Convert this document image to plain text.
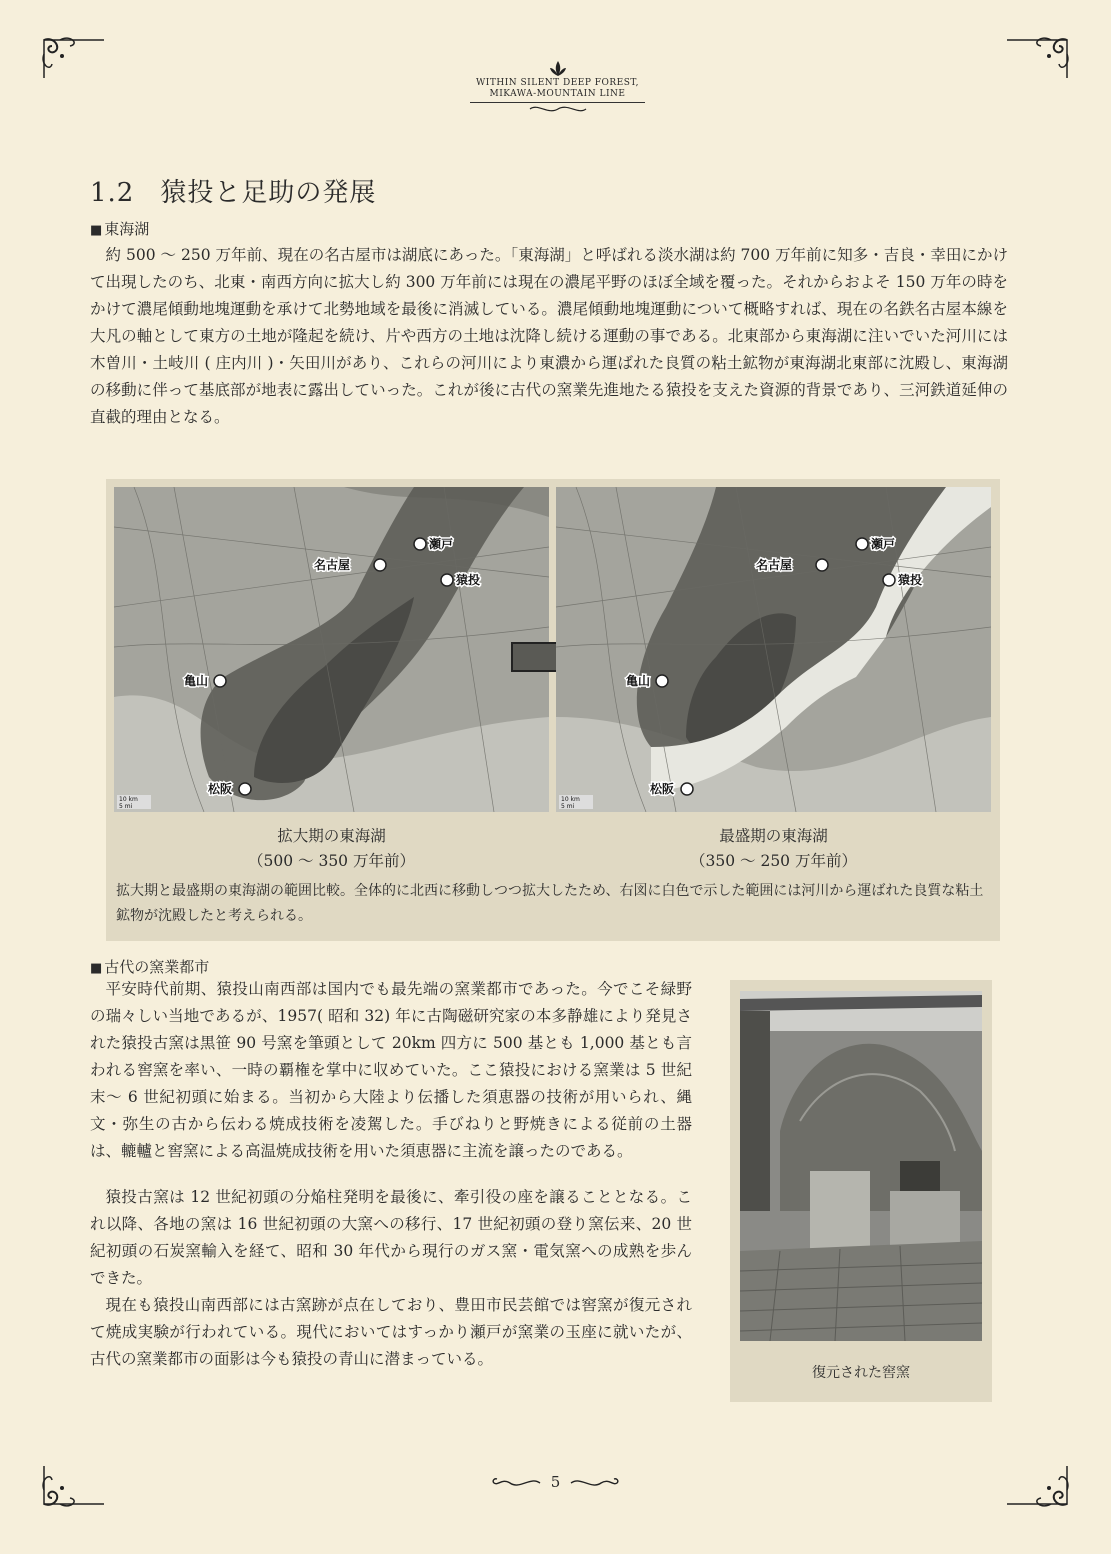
WITHIN SILENT DEEP FOREST,
MIKAWA-MOUNTAIN LINE
1.2 猿投と足助の発展
■ 東海湖

約 500 ～ 250 万年前、現在の名古屋市は湖底にあった。「東海湖」と呼ばれる淡水湖は約 700 万年前に知多・吉良・幸田にかけて出現したのち、北東・南西方向に拡大し約 300 万年前には現在の濃尾平野のほぼ全域を覆った。それからおよそ 150 万年の時をかけて濃尾傾動地塊運動を承けて北勢地域を最後に消滅している。濃尾傾動地塊運動について概略すれば、現在の名鉄名古屋本線を大凡の軸として東方の土地が隆起を続け、片や西方の土地は沈降し続ける運動の事である。北東部から東海湖に注いでいた河川には木曽川・土岐川 ( 庄内川 )・矢田川があり、これらの河川により東濃から運ばれた良質の粘土鉱物が東海湖北東部に沈殿し、東海湖の移動に伴って基底部が地表に露出していった。これが後に古代の窯業先進地たる猿投を支えた資源的背景であり、三河鉄道延伸の直截的理由となる。

瀬戸
名古屋
猿投
亀山
松阪
10 km
5 mi
瀬戸
名古屋
猿投
亀山
松阪
10 km
5 mi
拡大期の東海湖
（500 ～ 350 万年前）
最盛期の東海湖
（350 ～ 250 万年前）
拡大期と最盛期の東海湖の範囲比較。全体的に北西に移動しつつ拡大したため、右図に白色で示した範囲には河川から運ばれた良質な粘土鉱物が沈殿したと考えられる。
■ 古代の窯業都市

平安時代前期、猿投山南西部は国内でも最先端の窯業都市であった。今でこそ緑野の瑞々しい当地であるが、1957( 昭和 32) 年に古陶磁研究家の本多静雄により発見された猿投古窯は黒笹 90 号窯を筆頭として 20km 四方に 500 基とも 1,000 基とも言われる窖窯を率い、一時の覇権を掌中に収めていた。ここ猿投における窯業は 5 世紀末～ 6 世紀初頭に始まる。当初から大陸より伝播した須恵器の技術が用いられ、縄文・弥生の古から伝わる焼成技術を凌駕した。手びねりと野焼きによる従前の土器は、轆轤と窖窯による高温焼成技術を用いた須恵器に主流を譲ったのである。

猿投古窯は 12 世紀初頭の分焔柱発明を最後に、牽引役の座を譲ることとなる。これ以降、各地の窯は 16 世紀初頭の大窯への移行、17 世紀初頭の登り窯伝来、20 世紀初頭の石炭窯輸入を経て、昭和 30 年代から現行のガス窯・電気窯への成熟を歩んできた。

現在も猿投山南西部には古窯跡が点在しており、豊田市民芸館では窖窯が復元されて焼成実験が行われている。現代においてはすっかり瀬戸が窯業の玉座に就いたが、古代の窯業都市の面影は今も猿投の青山に潜まっている。

復元された窖窯
5
